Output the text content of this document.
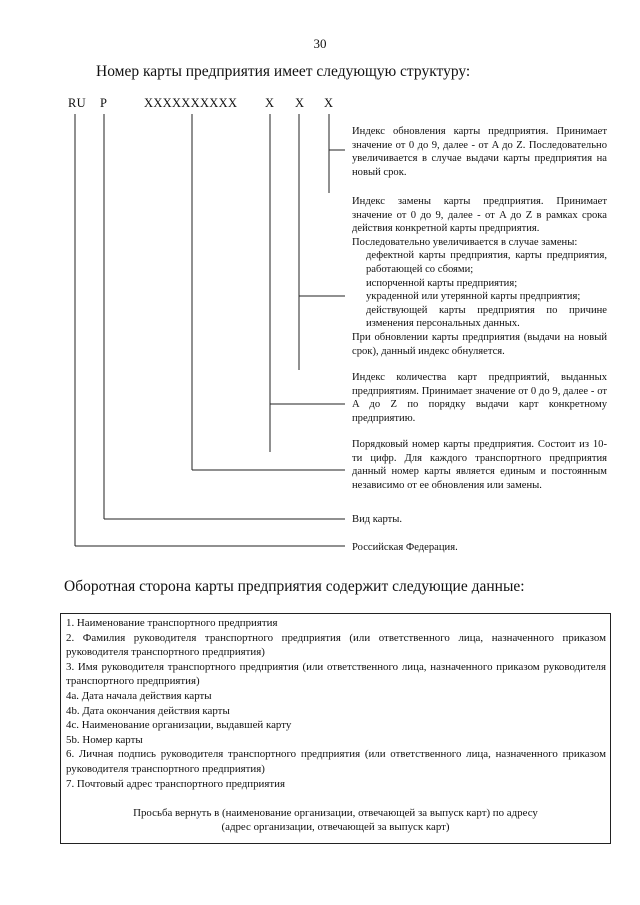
30
Номер карты предприятия имеет следующую структуру:
RU P	XXXXXXXXXX X X X
Индекс обновления карты предприятия. Принимает значение от 0 до 9, далее - от A до Z. Последовательно увеличивается в случае выдачи карты предприятия на новый срок.

Индекс замены карты предприятия. Принимает значение от 0 до 9, далее - от A до Z в рамках срока действия конкретной карты предприятия.

Последовательно увеличивается в случае замены:

дефектной карты предприятия, карты предприятия, работающей со сбоями;

испорченной карты предприятия;

украденной или утерянной карты предприятия;

действующей карты предприятия по причине изменения персональных данных.

При обновлении карты предприятия (выдачи на новый срок), данный индекс обнуляется.

Индекс количества карт предприятий, выданных предприятиям. Принимает значение от 0 до 9, далее - от A до Z по порядку выдачи карт конкретному предприятию.
Порядковый номер карты предприятия. Состоит из 10-ти цифр. Для каждого транспортного предприятия данный номер карты является единым и постоянным независимо от ее обновления или замены.
Вид карты.
Российская Федерация.
Оборотная сторона карты предприятия содержит следующие данные:
1. Наименование транспортного предприятия
2. Фамилия руководителя транспортного предприятия (или ответственного лица, назначенного приказом руководителя транспортного предприятия)
3. Имя руководителя транспортного предприятия (или ответственного лица, назначенного приказом руководителя транспортного предприятия)
4a. Дата начала действия карты
4b. Дата окончания действия карты
4c. Наименование организации, выдавшей карту
5b. Номер карты
6. Личная подпись руководителя транспортного предприятия (или ответственного лица, назначенного приказом руководителя транспортного предприятия)
7. Почтовый адрес транспортного предприятия
Просьба вернуть в (наименование организации, отвечающей за выпуск карт) по адресу
(адрес организации, отвечающей за выпуск карт)
